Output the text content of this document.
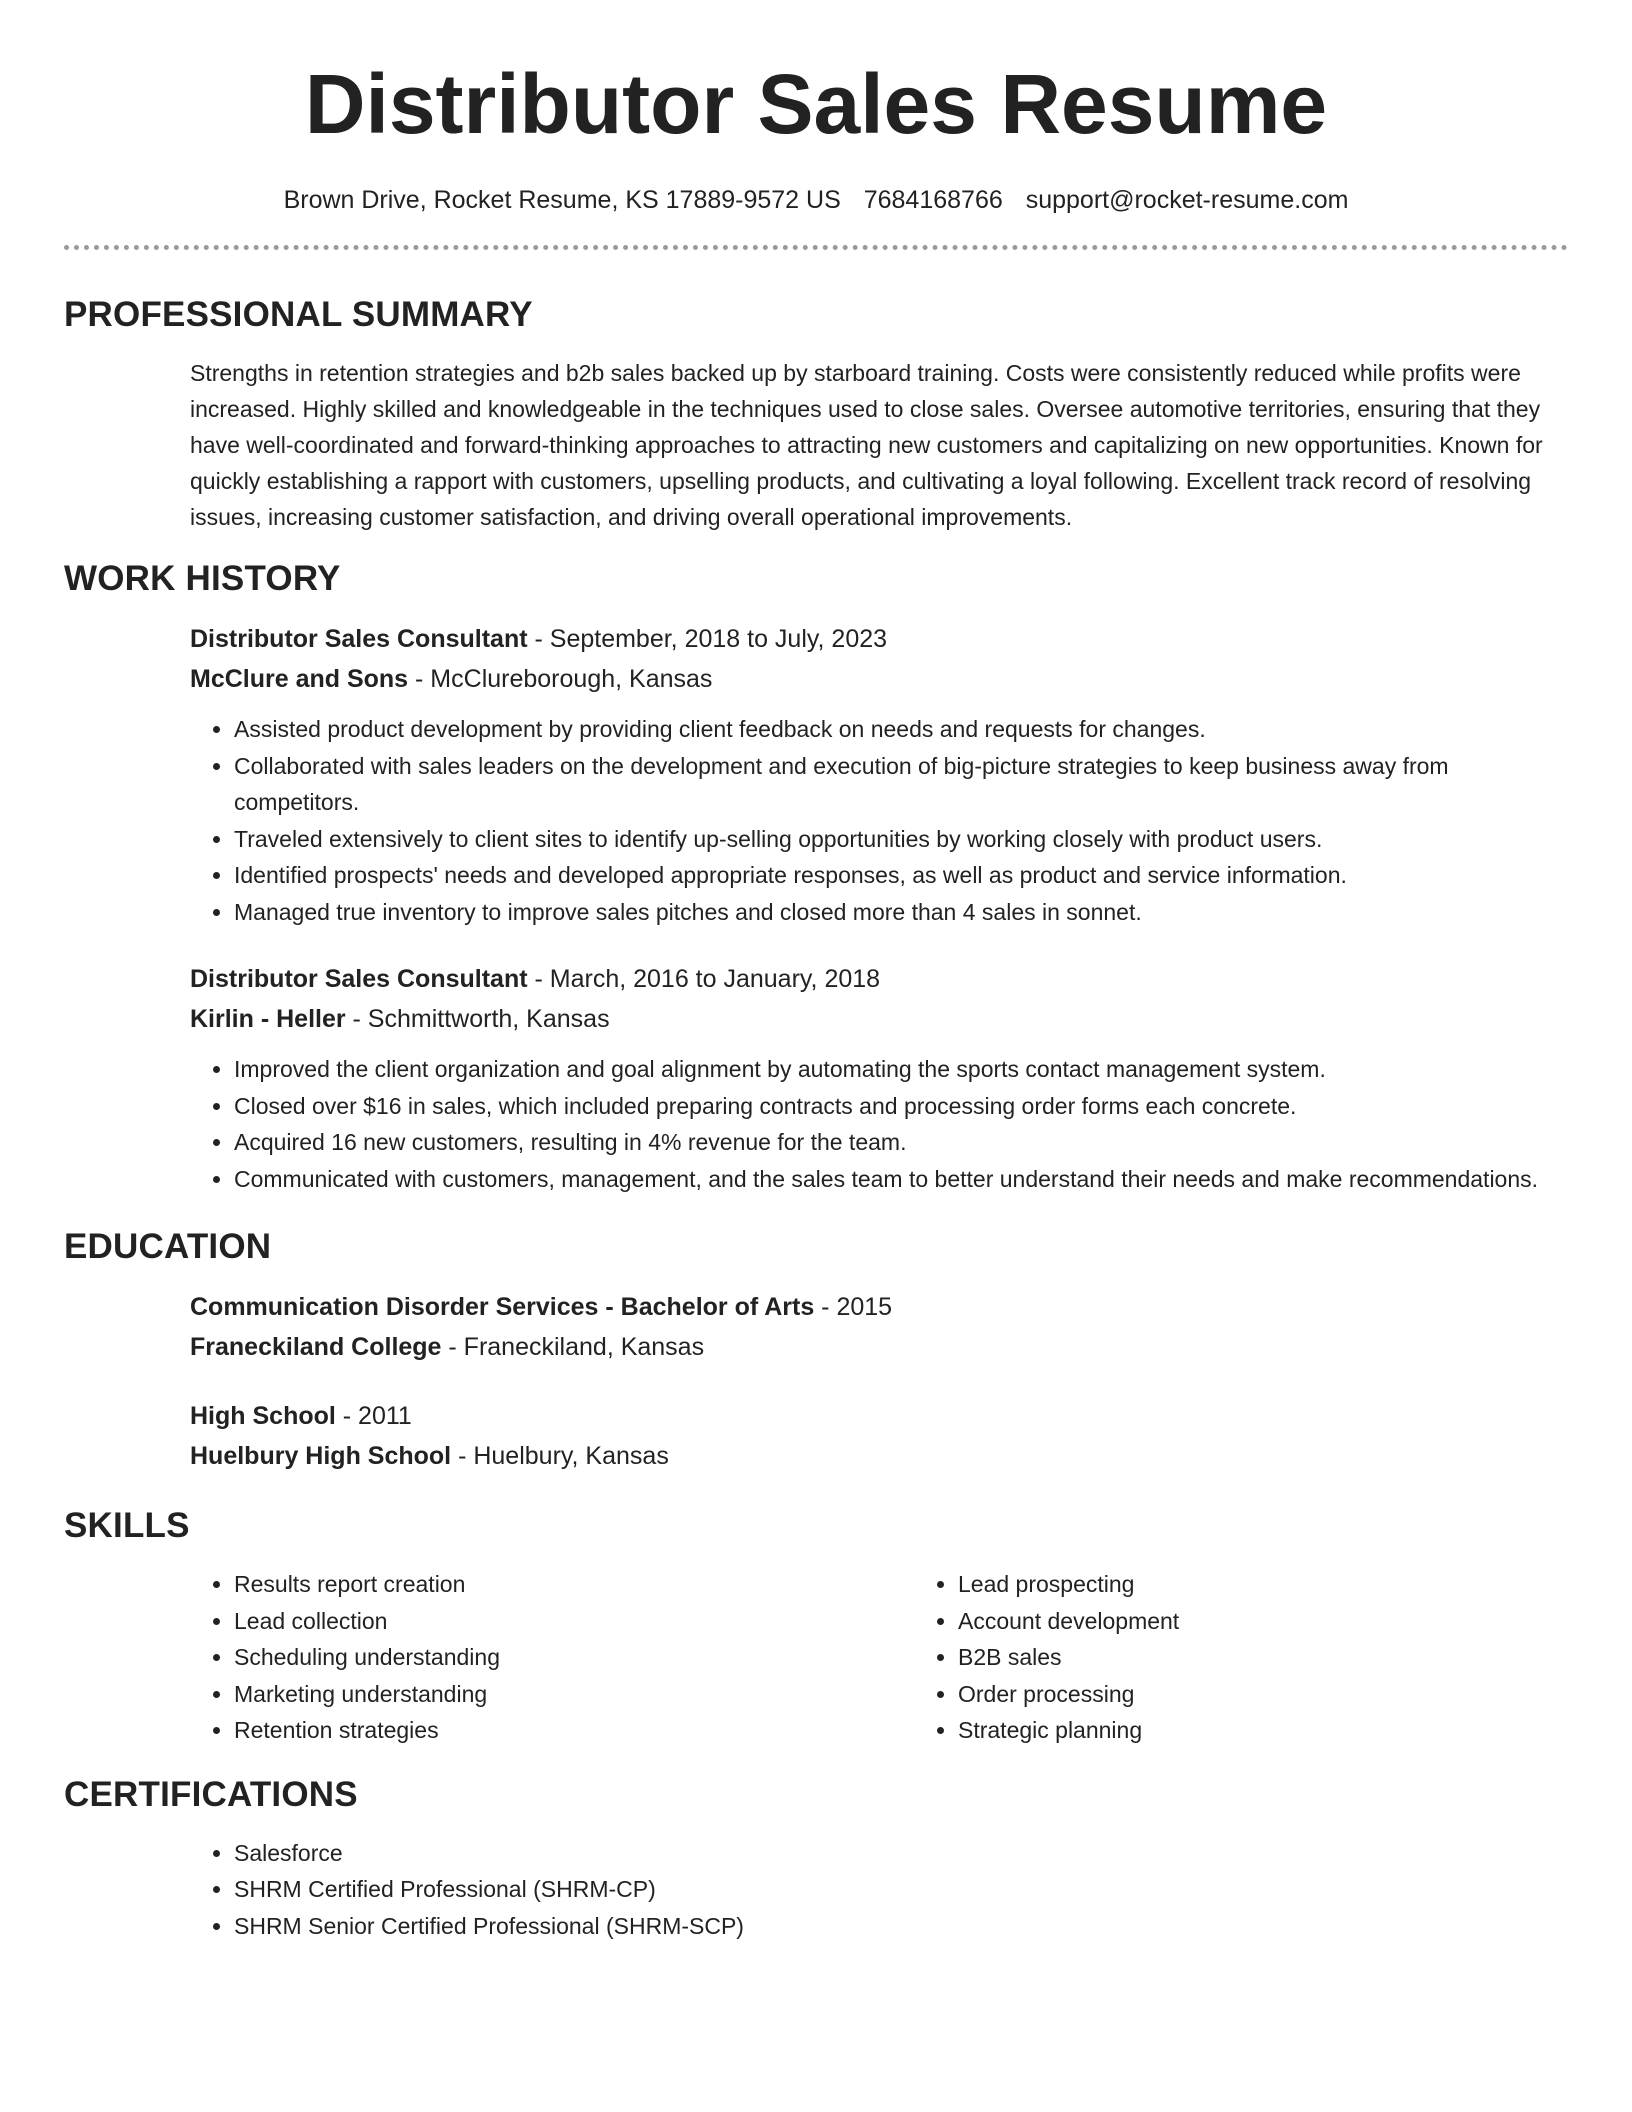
Distributor Sales Resume
Brown Drive, Rocket Resume, KS 17889-9572 US 7684168766 support@rocket-resume.com
PROFESSIONAL SUMMARY

Strengths in retention strategies and b2b sales backed up by starboard training. Costs were consistently reduced while profits were increased. Highly skilled and knowledgeable in the techniques used to close sales. Oversee automotive territories, ensuring that they have well-coordinated and forward-thinking approaches to attracting new customers and capitalizing on new opportunities. Known for quickly establishing a rapport with customers, upselling products, and cultivating a loyal following. Excellent track record of resolving issues, increasing customer satisfaction, and driving overall operational improvements.

WORK HISTORY
Distributor Sales Consultant - September, 2018 to July, 2023
McClure and Sons - McClureborough, Kansas
• Assisted product development by providing client feedback on needs and requests for changes.
• Collaborated with sales leaders on the development and execution of big-picture strategies to keep business away from competitors.
• Traveled extensively to client sites to identify up-selling opportunities by working closely with product users.
• Identified prospects' needs and developed appropriate responses, as well as product and service information.
• Managed true inventory to improve sales pitches and closed more than 4 sales in sonnet.
Distributor Sales Consultant - March, 2016 to January, 2018
Kirlin - Heller - Schmittworth, Kansas
• Improved the client organization and goal alignment by automating the sports contact management system.
• Closed over $16 in sales, which included preparing contracts and processing order forms each concrete.
• Acquired 16 new customers, resulting in 4% revenue for the team.
• Communicated with customers, management, and the sales team to better understand their needs and make recommendations.
EDUCATION
Communication Disorder Services - Bachelor of Arts - 2015
Franeckiland College - Franeckiland, Kansas
High School - 2011
Huelbury High School - Huelbury, Kansas
SKILLS
• Results report creation
• Lead collection
• Scheduling understanding
• Marketing understanding
• Retention strategies
• Lead prospecting
• Account development
• B2B sales
• Order processing
• Strategic planning
CERTIFICATIONS
• Salesforce
• SHRM Certified Professional (SHRM-CP)
• SHRM Senior Certified Professional (SHRM-SCP)
